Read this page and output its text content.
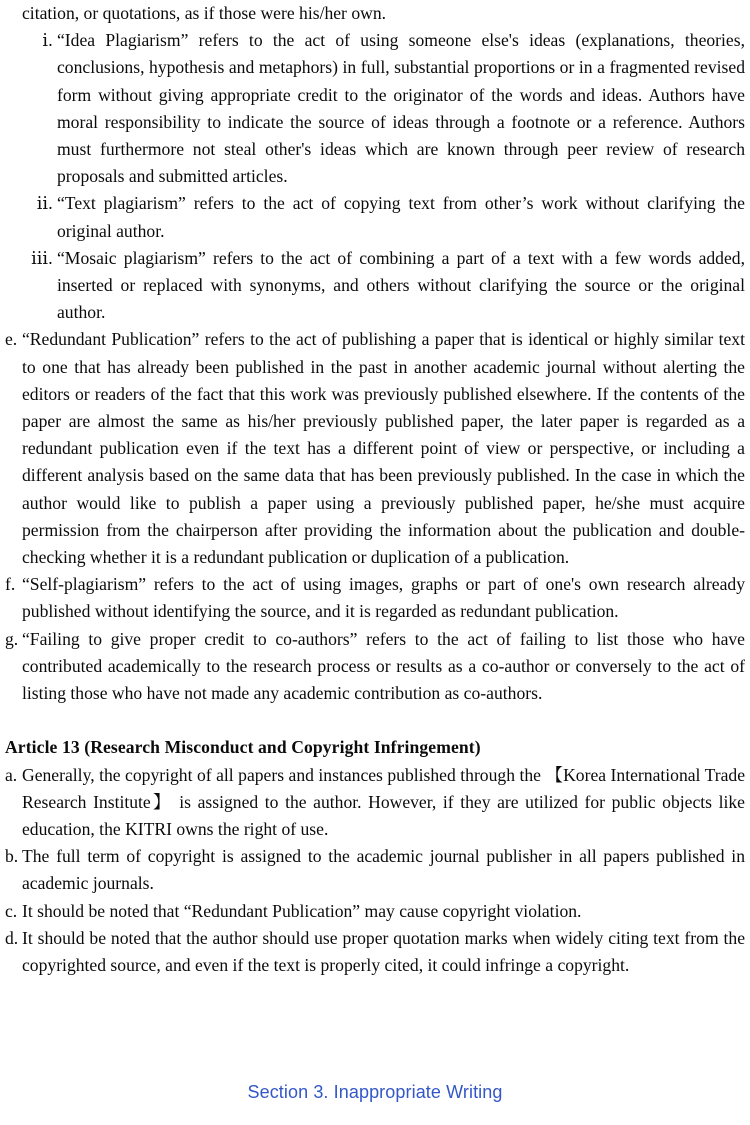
citation, or quotations, as if those were his/her own.

ⅰ. “Idea Plagiarism” refers to the act of using someone else's ideas (explanations, theories, conclusions, hypothesis and metaphors) in full, substantial proportions or in a fragmented revised form without giving appropriate credit to the originator of the words and ideas. Authors have moral responsibility to indicate the source of ideas through a footnote or a reference. Authors must furthermore not steal other's ideas which are known through peer review of research proposals and submitted articles.
ⅱ. “Text plagiarism” refers to the act of copying text from other’s work without clarifying the original author.
ⅲ. “Mosaic plagiarism” refers to the act of combining a part of a text with a few words added, inserted or replaced with synonyms, and others without clarifying the source or the original author.
e. “Redundant Publication” refers to the act of publishing a paper that is identical or highly similar text to one that has already been published in the past in another academic journal without alerting the editors or readers of the fact that this work was previously published elsewhere. If the contents of the paper are almost the same as his/her previously published paper, the later paper is regarded as a redundant publication even if the text has a different point of view or perspective, or including a different analysis based on the same data that has been previously published. In the case in which the author would like to publish a paper using a previously published paper, he/she must acquire permission from the chairperson after providing the information about the publication and double-checking whether it is a redundant publication or duplication of a publication.
f. “Self-plagiarism” refers to the act of using images, graphs or part of one's own research already published without identifying the source, and it is regarded as redundant publication.
g. “Failing to give proper credit to co-authors” refers to the act of failing to list those who have contributed academically to the research process or results as a co-author or conversely to the act of listing those who have not made any academic contribution as co-authors.
Article 13 (Research Misconduct and Copyright Infringement)
a. Generally, the copyright of all papers and instances published through the 【Korea International Trade Research Institute】 is assigned to the author. However, if they are utilized for public objects like education, the KITRI owns the right of use.
b. The full term of copyright is assigned to the academic journal publisher in all papers published in academic journals.
c. It should be noted that “Redundant Publication” may cause copyright violation.
d. It should be noted that the author should use proper quotation marks when widely citing text from the copyrighted source, and even if the text is properly cited, it could infringe a copyright.
Section 3. Inappropriate Writing
